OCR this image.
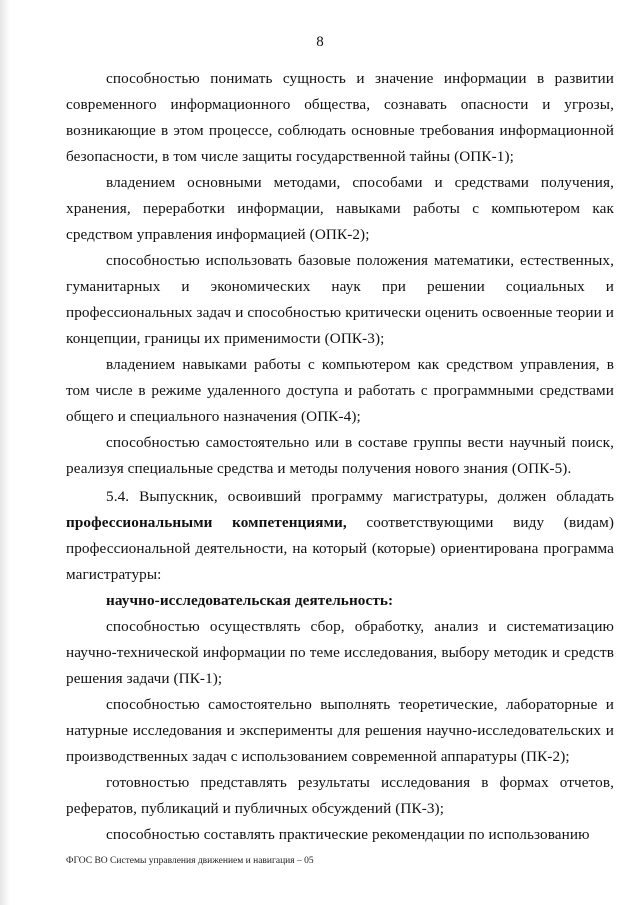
8

способностью понимать сущность и значение информации в развитии современного информационного общества, сознавать опасности и угрозы, возникающие в этом процессе, соблюдать основные требования информационной безопасности, в том числе защиты государственной тайны (ОПК-1);

владением основными методами, способами и средствами получения, хранения, переработки информации, навыками работы с компьютером как средством управления информацией (ОПК-2);

способностью использовать базовые положения математики, естественных, гуманитарных и экономических наук при решении социальных и профессиональных задач и способностью критически оценить освоенные теории и концепции, границы их применимости (ОПК-3);

владением навыками работы с компьютером как средством управления, в том числе в режиме удаленного доступа и работать с программными средствами общего и специального назначения (ОПК-4);

способностью самостоятельно или в составе группы вести научный поиск, реализуя специальные средства и методы получения нового знания (ОПК-5).

5.4. Выпускник, освоивший программу магистратуры, должен обладать профессиональными компетенциями, соответствующими виду (видам) профессиональной деятельности, на который (которые) ориентирована программа магистратуры:

научно-исследовательская деятельность:

способностью осуществлять сбор, обработку, анализ и систематизацию научно-технической информации по теме исследования, выбору методик и средств решения задачи (ПК-1);

способностью самостоятельно выполнять теоретические, лабораторные и натурные исследования и эксперименты для решения научно-исследовательских и производственных задач с использованием современной аппаратуры (ПК-2);

готовностью представлять результаты исследования в формах отчетов, рефератов, публикаций и публичных обсуждений (ПК-3);

способностью составлять практические рекомендации по использованию

ФГОС ВО Системы управления движением и навигация – 05
